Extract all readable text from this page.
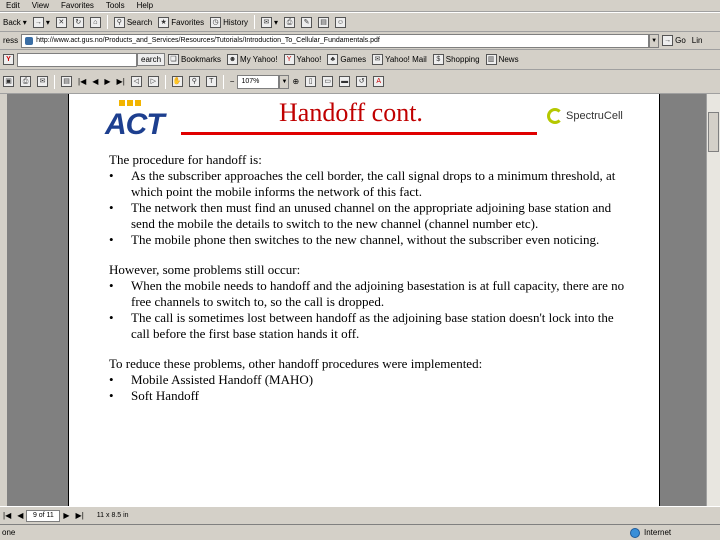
Edit	View	Favorites	Tools	Help
Back ▾ → ▾	✕	↻	⌂	⚲ Search	★ Favorites	◷ History	✉ ▾	⎙	✎	▤	☺
ress	http://www.act.gus.no/Products_and_Services/Resources/Tutorials/Introduction_To_Cellular_Fundamentals.pdf	▼ → Go Lin
Y	earch	❏ Bookmarks ☻ My Yahoo!	Y Yahoo!	♣ Games	✉ Yahoo! Mail	$ Shopping	▥ News
▣	⎙	✉	▤ |◀ ◀ ▶ ▶|	◁	▷	✋	⚲	T	−	107%	▼ ⊕	▯	▭	▬	↺	A
ACT	Handoff cont.	SpectruCell

The procedure for handoff is:

• As the subscriber approaches the cell border, the call signal drops to a minimum threshold, at which point the mobile informs the network of this fact.
• The network then must find an unused channel on the appropriate adjoining base station and send the mobile the details to switch to the new channel (channel number etc).
• The mobile phone then switches to the new channel, without the subscriber even noticing.

However, some problems still occur:

• When the mobile needs to handoff and the adjoining basestation is at full capacity, there are no free channels to switch to, so the call is dropped.
• The call is sometimes lost between handoff as the adjoining base station doesn't lock into the call before the first base station hands it off.

To reduce these problems, other handoff procedures were implemented:

• Mobile Assisted Handoff (MAHO)
• Soft Handoff
|◀ ◀	9 of 11	▶ ▶| 11 x 8.5 in
one	Internet
